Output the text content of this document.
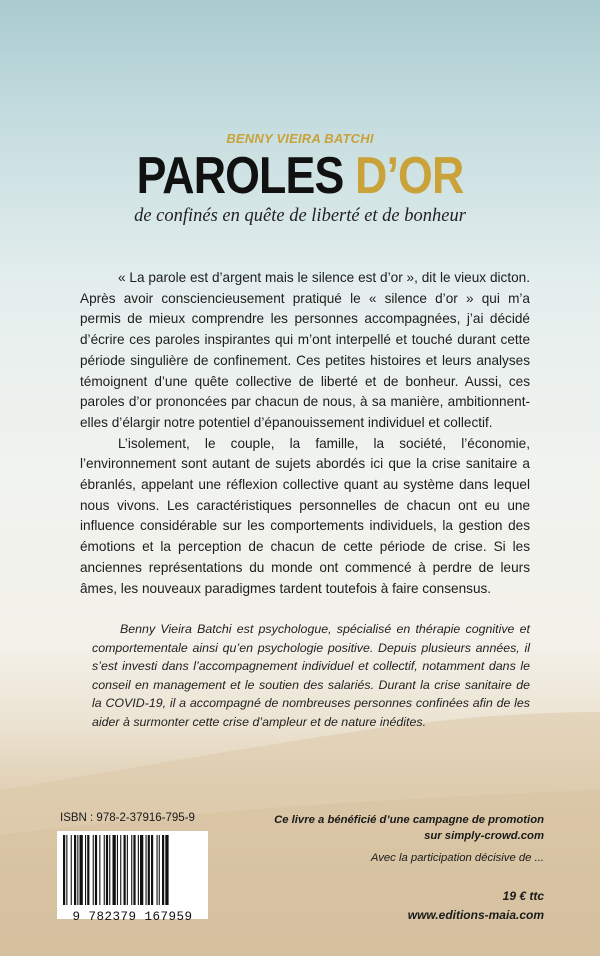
BENNY VIEIRA BATCHI
PAROLES D’OR
de confinés en quête de liberté et de bonheur

« La parole est d’argent mais le silence est d’or », dit le vieux dicton. Après avoir consciencieusement pratiqué le « silence d’or » qui m’a permis de mieux comprendre les personnes accompagnées, j’ai décidé d’écrire ces paroles inspirantes qui m’ont interpellé et touché durant cette période singulière de confinement. Ces petites histoires et leurs analyses témoignent d’une quête collective de liberté et de bonheur. Aussi, ces paroles d’or prononcées par chacun de nous, à sa manière, ambitionnent-elles d’élargir notre potentiel d’épanouissement individuel et collectif.

L’isolement, le couple, la famille, la société, l’économie, l’environnement sont autant de sujets abordés ici que la crise sanitaire a ébranlés, appelant une réflexion collective quant au système dans lequel nous vivons. Les caractéristiques personnelles de chacun ont eu une influence considérable sur les comportements individuels, la gestion des émotions et la perception de chacun de cette période de crise. Si les anciennes représentations du monde ont commencé à perdre de leurs âmes, les nouveaux paradigmes tardent toutefois à faire consensus.

Benny Vieira Batchi est psychologue, spécialisé en thérapie cognitive et comportementale ainsi qu’en psychologie positive. Depuis plusieurs années, il s’est investi dans l’accompagnement individuel et collectif, notamment dans le conseil en management et le soutien des salariés. Durant la crise sanitaire de la COVID-19, il a accompagné de nombreuses personnes confinées afin de les aider à surmonter cette crise d’ampleur et de nature inédites.

ISBN : 978-2-37916-795-9
9 782379 167959
Ce livre a bénéficié d’une campagne de promotion
sur simply-crowd.com
Avec la participation décisive de ...
19 € ttc
www.editions-maia.com
